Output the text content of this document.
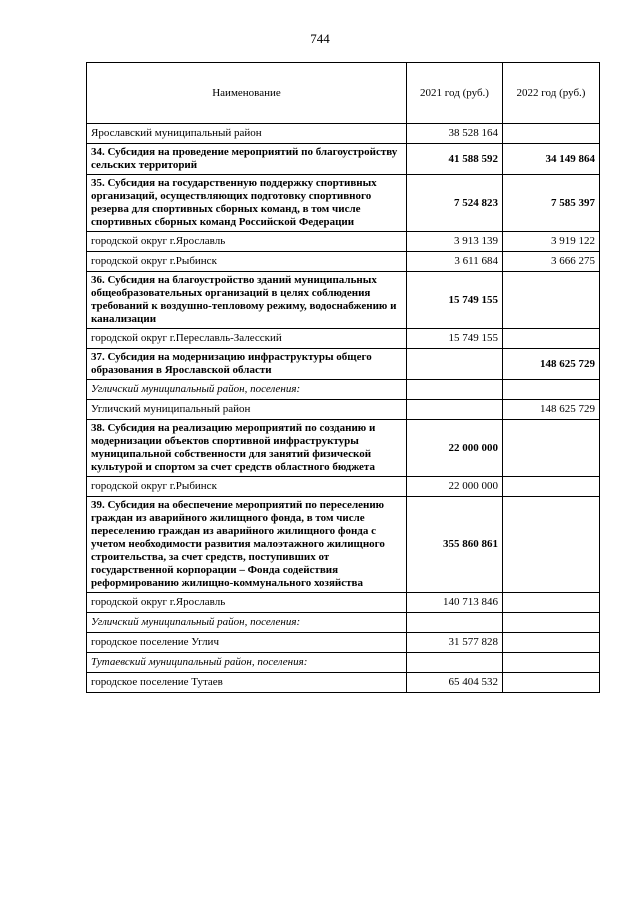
744
Наименование	2021 год (руб.)	2022 год (руб.)
Ярославский муниципальный район	38 528 164	
34. Субсидия на проведение мероприятий по благоустройству сельских территорий	41 588 592	34 149 864
35. Субсидия на государственную поддержку спортивных организаций, осуществляющих подготовку спортивного резерва для спортивных сборных команд, в том числе спортивных сборных команд Российской Федерации	7 524 823	7 585 397
городской округ г.Ярославль	3 913 139	3 919 122
городской округ г.Рыбинск	3 611 684	3 666 275
36. Субсидия на благоустройство зданий муниципальных общеобразовательных организаций в целях соблюдения требований к воздушно-тепловому режиму, водоснабжению и канализации	15 749 155	
городской округ г.Переславль-Залесский	15 749 155	
37. Субсидия на модернизацию инфраструктуры общего образования в Ярославской области		148 625 729
Угличский муниципальный район, поселения:		
Угличский муниципальный район		148 625 729
38. Субсидия на реализацию мероприятий по созданию и модернизации объектов спортивной инфраструктуры муниципальной собственности для занятий физической культурой и спортом за счет средств областного бюджета	22 000 000	
городской округ г.Рыбинск	22 000 000	
39. Субсидия на обеспечение мероприятий по переселению граждан из аварийного жилищного фонда, в том числе переселению граждан из аварийного жилищного фонда с учетом необходимости развития малоэтажного жилищного строительства, за счет средств, поступивших от государственной корпорации – Фонда содействия реформированию жилищно-коммунального хозяйства	355 860 861	
городской округ г.Ярославль	140 713 846	
Угличский муниципальный район, поселения:		
городское поселение Углич	31 577 828	
Тутаевский муниципальный район, поселения:		
городское поселение Тутаев	65 404 532	
